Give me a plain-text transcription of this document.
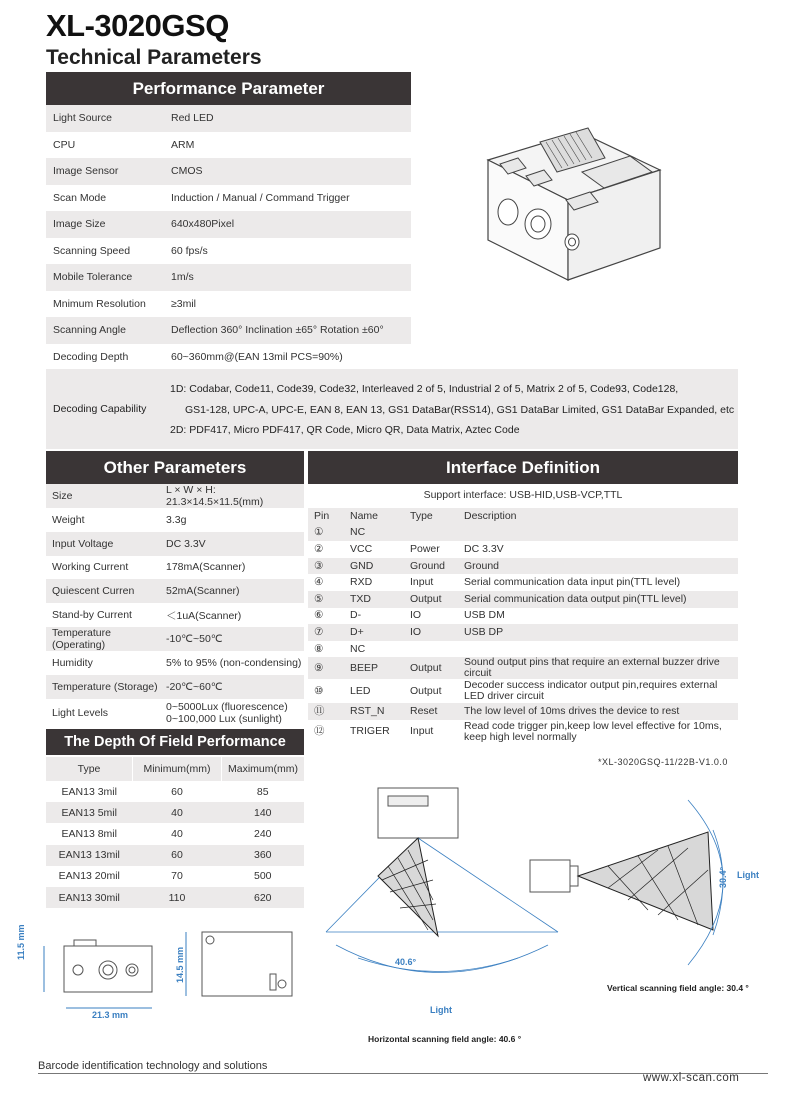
XL-3020GSQ
Technical Parameters
Performance Parameter
Light Source	Red LED
CPU	ARM
Image Sensor	CMOS
Scan Mode	Induction / Manual / Command Trigger
Image Size	640x480Pixel
Scanning Speed	60 fps/s
Mobile Tolerance	1m/s
Mnimum Resolution	≥3mil
Scanning Angle	Deflection 360° Inclination ±65° Rotation ±60°
Decoding Depth	60~360mm@(EAN 13mil PCS=90%)
Decoding Capability
1D: Codabar, Code11, Code39, Code32, Interleaved 2 of 5, Industrial 2 of 5, Matrix 2 of 5, Code93, Code128,
GS1-128, UPC-A, UPC-E, EAN 8, EAN 13, GS1 DataBar(RSS14), GS1 DataBar Limited, GS1 DataBar Expanded, etc
2D: PDF417, Micro PDF417, QR Code, Micro QR, Data Matrix, Aztec Code
Other Parameters
Size	L × W × H: 21.3×14.5×11.5(mm)

Weight	3.3g

Input Voltage	DC 3.3V

Working Current	178mA(Scanner)

Quiescent Curren	52mA(Scanner)

Stand-by Current	＜1uA(Scanner)

Temperature (Operating)	-10℃~50℃

Humidity	5% to 95% (non-condensing)

Temperature (Storage)	-20℃~60℃

Light Levels	0~5000Lux (fluorescence)
0~100,000 Lux (sunlight)
Interface Definition
Support interface: USB-HID,USB-VCP,TTL
Pin	Name	Type	Description
①	NC		

②	VCC	Power	DC 3.3V

③	GND	Ground	Ground

④	RXD	Input	Serial communication data input pin(TTL level)

⑤	TXD	Output	Serial communication data output pin(TTL level)

⑥	D-	IO	USB DM

⑦	D+	IO	USB DP

⑧	NC		

⑨	BEEP	Output	Sound output pins that require an external buzzer drive circuit

⑩	LED	Output	Decoder success indicator output pin,requires external
LED driver circuit

⑪	RST_N	Reset	The low level of 10ms drives the device to rest

⑫	TRIGER	Input	Read code trigger pin,keep low level effective for 10ms,
keep high level normally
*XL-3020GSQ-11/22B-V1.0.0
The Depth Of Field Performance
Type	Minimum(mm)	Maximum(mm)
EAN13 3mil	60	85
EAN13 5mil	40	140
EAN13 8mil	40	240
EAN13 13mil	60	360
EAN13 20mil	70	500
EAN13 30mil	110	620
11.5 mm
21.3 mm
14.5 mm	40.6°
Light
Horizontal scanning field angle: 40.6 °
30.4° Light
Vertical scanning field angle: 30.4 °
Barcode identification technology and solutions
www.xl-scan.com
